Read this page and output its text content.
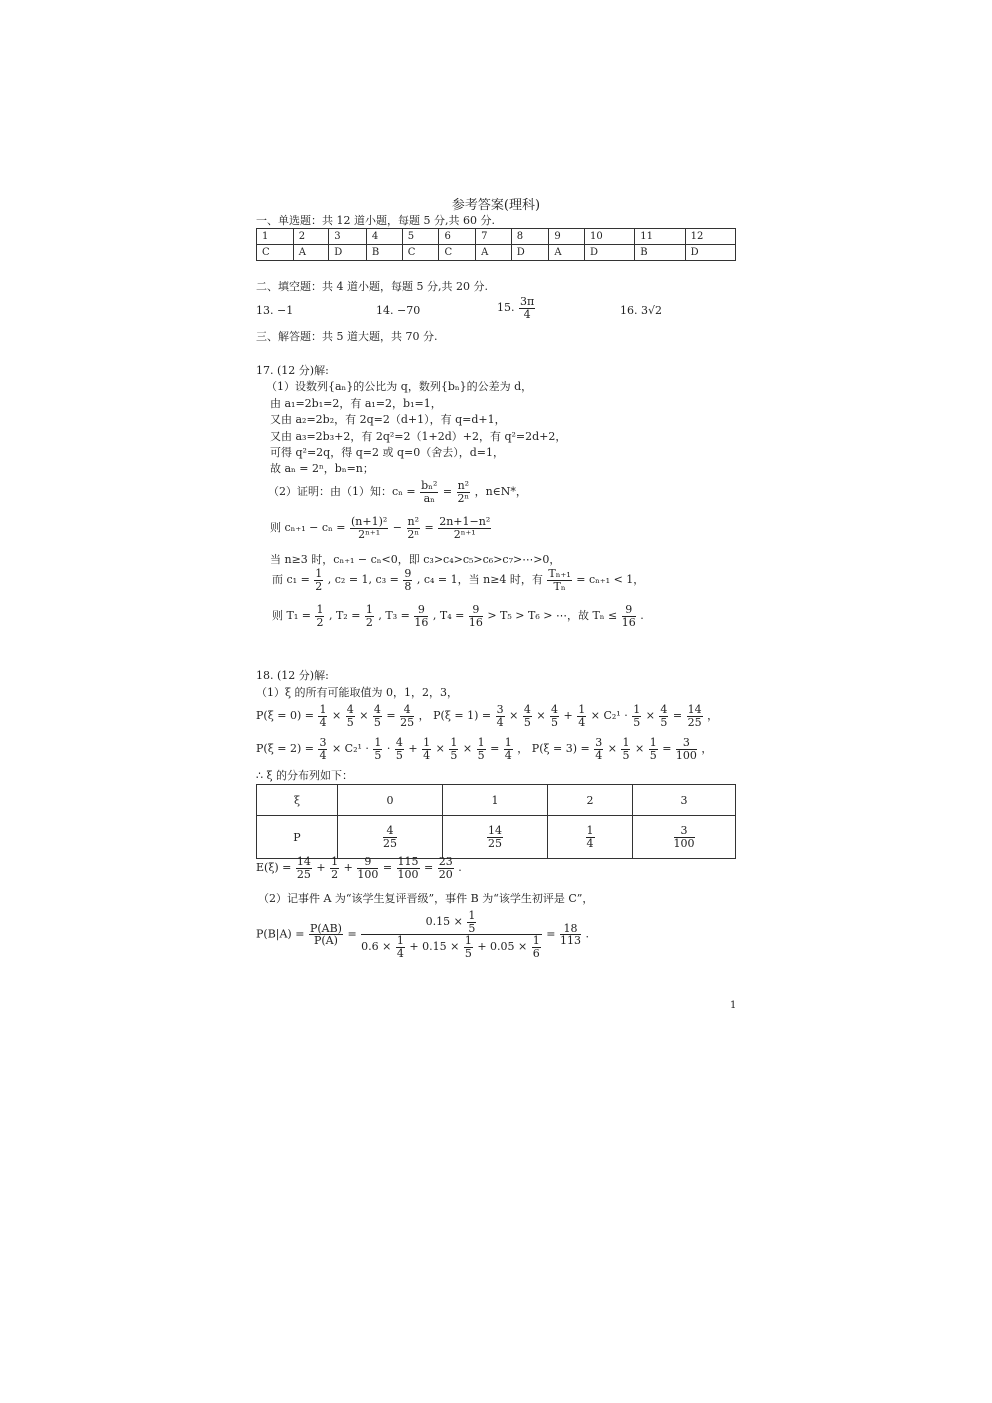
参考答案(理科)
一、单选题：共 12 道小题，每题 5 分,共 60 分.
1	2	3	4	5	6	7	8	9	10	11	12
C	A	D	B	C	C	A	D	A	D	B	D
二、填空题：共 4 道小题，每题 5 分,共 20 分.
13. −1	14. −70	15. $\frac{3\pi}{4}$	16. 3√2
三、解答题：共 5 道大题，共 70 分.
17. (12 分)解:
（1）设数列{aₙ}的公比为 q，数列{bₙ}的公差为 d，
由 a₁=2b₁=2，有 a₁=2，b₁=1，
又由 a₂=2b₂，有 2q=2（d+1），有 q=d+1，
又由 a₃=2b₃+2，有 2q²=2（1+2d）+2，有 q²=2d+2，
可得 q²=2q，得 q=2 或 q=0（舍去），d=1，
故 aₙ = 2ⁿ，bₙ=n；
（2）证明：由（1）知：$c_n = \frac{\text{bₙ²}}{\text{aₙ}} = \frac{\text{n²}}{\text{2ⁿ}}$ ，n∈N*，
则 $c_{n+1} - c_n = \frac{\text{(n+1)²}}{\text{2ⁿ⁺¹}} - \frac{\text{n²}}{\text{2ⁿ}} = \frac{\text{2n+1−n²}}{\text{2ⁿ⁺¹}}$
当 n≥3 时，cₙ₊₁ − cₙ<0，即 c₃>c₄>c₅>c₆>c₇>⋯>0，
而 $c_1 = \frac{1}{2}$ , c₂ = 1, $c_3 = \frac{9}{8}$ , c₄ = 1，当 n≥4 时，有 $\frac{\text{Tₙ₊₁}}{\text{Tₙ}} = c_{n+1} < 1$，
则 $T_1 = \frac{1}{2}$ , $T_2 = \frac{1}{2}$ , $T_3 = \frac{9}{16}$ , $T_4 = \frac{9}{16} > T_5 > T_6$ > ⋯，故 $T_n \le \frac{9}{16}$ .
18. (12 分)解:
（1）ξ 的所有可能取值为 0，1，2，3，
$P(\xi = 0) = \frac{1}{4} \times \frac{4}{5} \times \frac{4}{5} = \frac{4}{25}$ ， $P(\xi = 1) = \frac{3}{4} \times \frac{4}{5} \times \frac{4}{5} + \frac{1}{4} \times C_2^1 \cdot \frac{1}{5} \times \frac{4}{5} = \frac{14}{25}$ ，
$P(\xi = 2) = \frac{3}{4} \times C_2^1 \cdot \frac{1}{5} \cdot \frac{4}{5} + \frac{1}{4} \times \frac{1}{5} \times \frac{1}{5} = \frac{1}{4}$ ， $P(\xi = 3) = \frac{3}{4} \times \frac{1}{5} \times \frac{1}{5} = \frac{3}{100}$ ，
∴ ξ 的分布列如下：
ξ	0	1	2	3
P	$\frac{4}{25}$	$\frac{14}{25}$	$\frac{1}{4}$	$\frac{3}{100}$
$E(\xi) = \frac{14}{25} + \frac{1}{2} + \frac{9}{100} = \frac{115}{100} = \frac{23}{20}$ .
（2）记事件 A 为“该学生复评晋级”，事件 B 为“该学生初评是 C”，
$P(B|A) = \frac{P(AB)}{P(A)}$ =
$0.15 \times \frac{1}{5}$
$0.6 \times \frac{1}{4} + 0.15 \times \frac{1}{5} + 0.05 \times \frac{1}{6}$
= $\frac{18}{113}$ .
1
